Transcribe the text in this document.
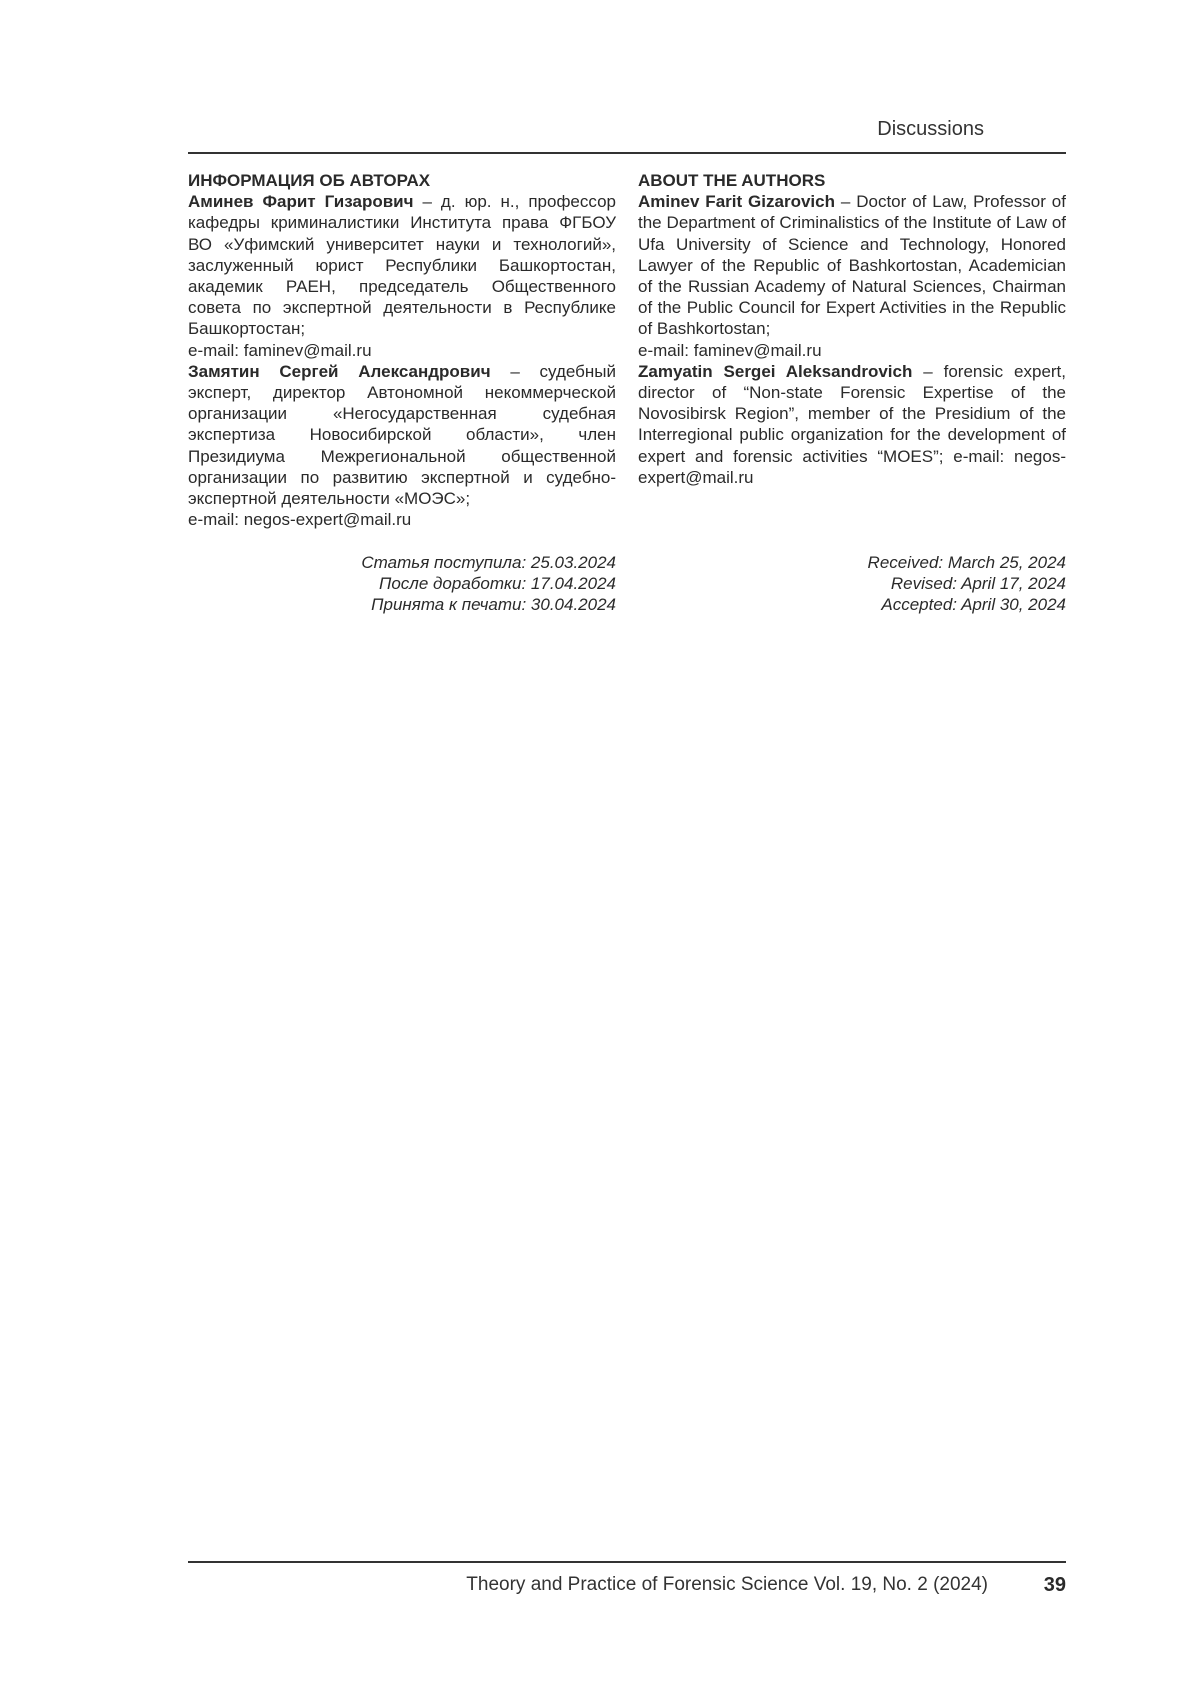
Discussions
ИНФОРМАЦИЯ ОБ АВТОРАХ

Аминев Фарит Гизарович – д. юр. н., профессор кафедры криминалистики Института права ФГБОУ ВО «Уфимский университет науки и технологий», заслуженный юрист Республики Башкортостан, академик РАЕН, председатель Общественного совета по экспертной деятельности в Республике Башкортостан;

e-mail: faminev@mail.ru

Замятин Сергей Александрович – судебный эксперт, директор Автономной некоммерческой организации «Негосударственная судебная экспертиза Новосибирской области», член Президиума Межрегиональной общественной организации по развитию экспертной и судебно-экспертной деятельности «МОЭС»;

e-mail: negos-expert@mail.ru
ABOUT THE AUTHORS

Aminev Farit Gizarovich – Doctor of Law, Professor of the Department of Criminalistics of the Institute of Law of Ufa University of Science and Technology, Honored Lawyer of the Republic of Bashkortostan, Academician of the Russian Academy of Natural Sciences, Chairman of the Public Council for Expert Activities in the Republic of Bashkortostan;

e-mail: faminev@mail.ru

Zamyatin Sergei Aleksandrovich – forensic expert, director of “Non-state Forensic Expertise of the Novosibirsk Region”, member of the Presidium of the Interregional public organization for the development of expert and forensic activities “MOES”; e-mail: negos-expert@mail.ru

Статья поступила: 25.03.2024
После доработки: 17.04.2024
Принята к печати: 30.04.2024
Received: March 25, 2024
Revised: April 17, 2024
Accepted: April 30, 2024
Theory and Practice of Forensic Science Vol. 19, No. 2 (2024)	39
